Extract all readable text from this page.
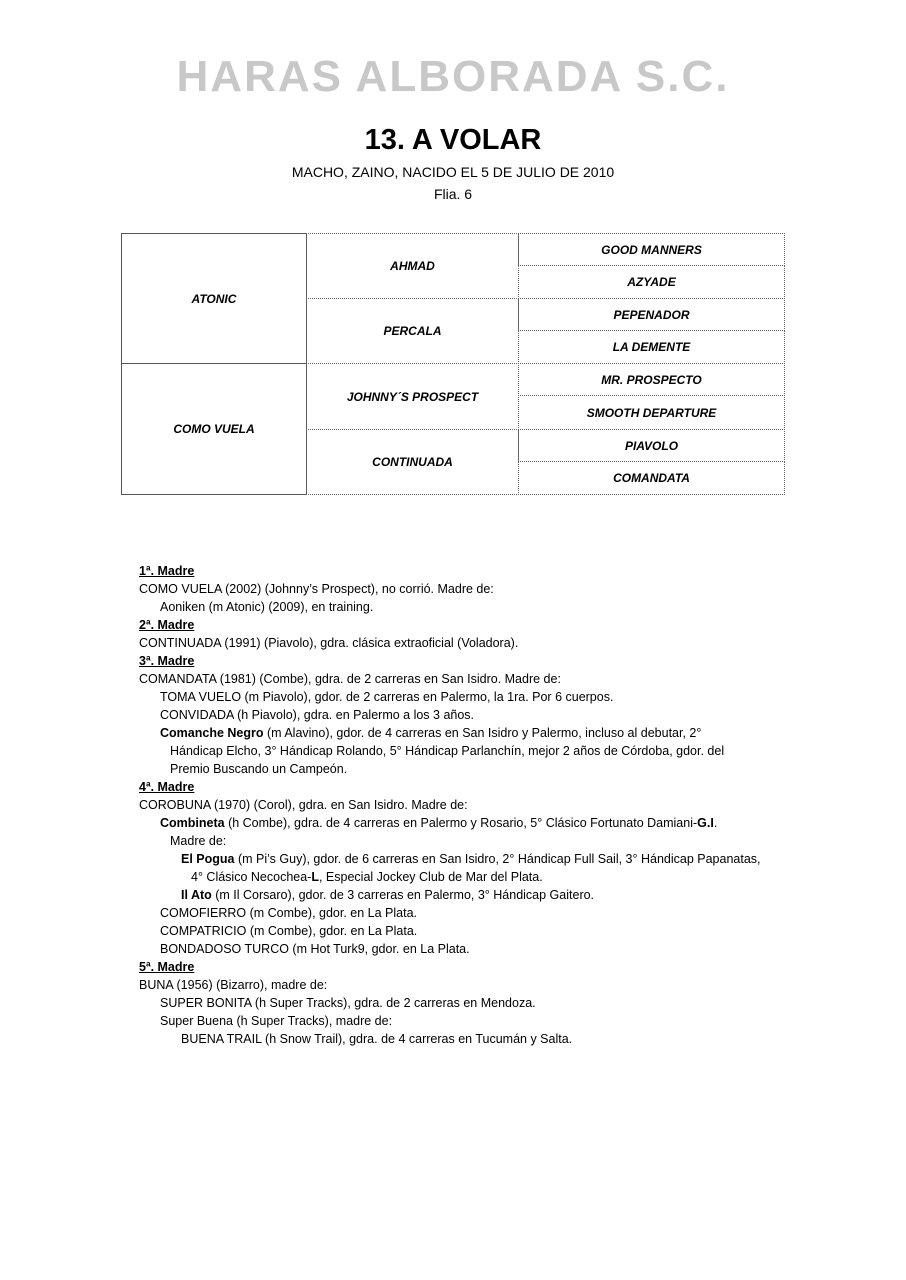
HARAS ALBORADA S.C.
13. A VOLAR
MACHO, ZAINO, NACIDO EL 5 DE JULIO DE 2010
Flia. 6
ATONIC
COMO VUELA
AHMAD
PERCALA
JOHNNY´S PROSPECT
CONTINUADA
GOOD MANNERS
AZYADE
PEPENADOR
LA DEMENTE
MR. PROSPECTO
SMOOTH DEPARTURE
PIAVOLO
COMANDATA
1ª. Madre
COMO VUELA (2002) (Johnny’s Prospect), no corrió. Madre de:
Aoniken (m Atonic) (2009), en training.
2ª. Madre
CONTINUADA (1991) (Piavolo), gdra. clásica extraoficial (Voladora).
3ª. Madre
COMANDATA (1981) (Combe), gdra. de 2 carreras en San Isidro. Madre de:
TOMA VUELO (m Piavolo), gdor. de 2 carreras en Palermo, la 1ra. Por 6 cuerpos.
CONVIDADA (h Piavolo), gdra. en Palermo a los 3 años.
Comanche Negro (m Alavino), gdor. de 4 carreras en San Isidro y Palermo, incluso al debutar, 2°
Hándicap Elcho, 3° Hándicap Rolando, 5° Hándicap Parlanchín, mejor 2 años de Córdoba, gdor. del
Premio Buscando un Campeón.
4ª. Madre
COROBUNA (1970) (Corol), gdra. en San Isidro. Madre de:
Combineta (h Combe), gdra. de 4 carreras en Palermo y Rosario, 5° Clásico Fortunato Damiani-G.I.
Madre de:
El Pogua (m Pi’s Guy), gdor. de 6 carreras en San Isidro, 2° Hándicap Full Sail, 3° Hándicap Papanatas,
4° Clásico Necochea-L, Especial Jockey Club de Mar del Plata.
Il Ato (m Il Corsaro), gdor. de 3 carreras en Palermo, 3° Hándicap Gaitero.
COMOFIERRO (m Combe), gdor. en La Plata.
COMPATRICIO (m Combe), gdor. en La Plata.
BONDADOSO TURCO (m Hot Turk9, gdor. en La Plata.
5ª. Madre
BUNA (1956) (Bizarro), madre de:
SUPER BONITA (h Super Tracks), gdra. de 2 carreras en Mendoza.
Super Buena (h Super Tracks), madre de:
BUENA TRAIL (h Snow Trail), gdra. de 4 carreras en Tucumán y Salta.
